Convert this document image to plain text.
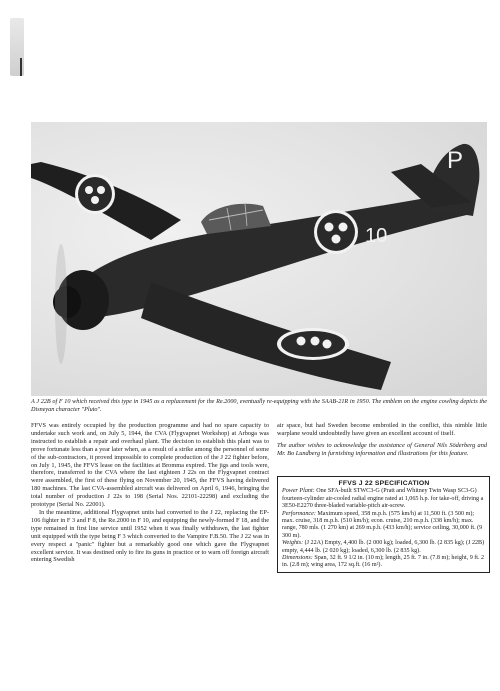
P
10
A J 22B of F 10 which received this type in 1945 as a replacement for the Re.2000, eventually re-equipping with the SAAB-21R in 1950. The emblem on the engine cowling depicts the Disneyan character "Pluto".

FFVS was entirely occupied by the production programme and had no spare capacity to undertake such work and, on July 5, 1944, the CVA (Flygvapnet Workshop) at Arboga was instructed to establish a repair and overhaul plant. The decision to establish this plant was to prove fortunate less than a year later when, as a result of a strike among the personnel of some of the sub-contractors, it proved impossible to complete production of the J 22 fighter before, on July 1, 1945, the FFVS lease on the facilities at Bromma expired. The jigs and tools were, therefore, transferred to the CVA where the last eighteen J 22s on the Flygvapnet contract were assembled, the first of these flying on November 20, 1945, the FFVS having delivered 180 machines. The last CVA-assembled aircraft was delivered on April 6, 1946, bringing the total number of production J 22s to 198 (Serial Nos. 22101-22298) and excluding the prototype (Serial No. 22001).

In the meantime, additional Flygvapnet units had converted to the J 22, replacing the EP-106 fighter in F 3 and F 8, the Re.2000 in F 10, and equipping the newly-formed F 18, and the type remained in first line service until 1952 when it was finally withdrawn, the last fighter unit equipped with the type being F 3 which converted to the Vampire F.B.50. The J 22 was in every respect a "panic" fighter but a remarkably good one which gave the Flygvapnet excellent service. It was destined only to fire its guns in practice or to warn off foreign aircraft entering Swedish

air space, but had Sweden become embroiled in the conflict, this nimble little warplane would undoubtedly have given an excellent account of itself.

The author wishes to acknowledge the assistance of General Nils Söderberg and Mr. Bo Lundberg in furnishing information and illustrations for this feature.

FFVS J 22 SPECIFICATION

Power Plant: One SFA-built STWC3-G (Pratt and Whitney Twin Wasp SC3-G) fourteen-cylinder air-cooled radial engine rated at 1,065 h.p. for take-off, driving a 3E50-E2270 three-bladed variable-pitch air-screw.

Performance: Maximum speed, 358 m.p.h. (575 km/h) at 11,500 ft. (3 500 m); max. cruise, 318 m.p.h. (510 km/h); econ. cruise, 210 m.p.h. (338 km/h); max. range, 780 mls. (1 270 km) at 269 m.p.h. (433 km/h); service ceiling, 30,000 ft. (9 300 m).

Weights: (J 22A) Empty, 4,400 lb. (2 000 kg); loaded, 6,300 lb. (2 835 kg); (J 22B) empty, 4,444 lb. (2 020 kg); loaded, 6,300 lb. (2 835 kg).

Dimensions: Span, 32 ft. 9 1/2 in. (10 m); length, 25 ft. 7 in. (7.8 m); height, 9 ft. 2 in. (2.8 m); wing area, 172 sq.ft. (16 m²).
